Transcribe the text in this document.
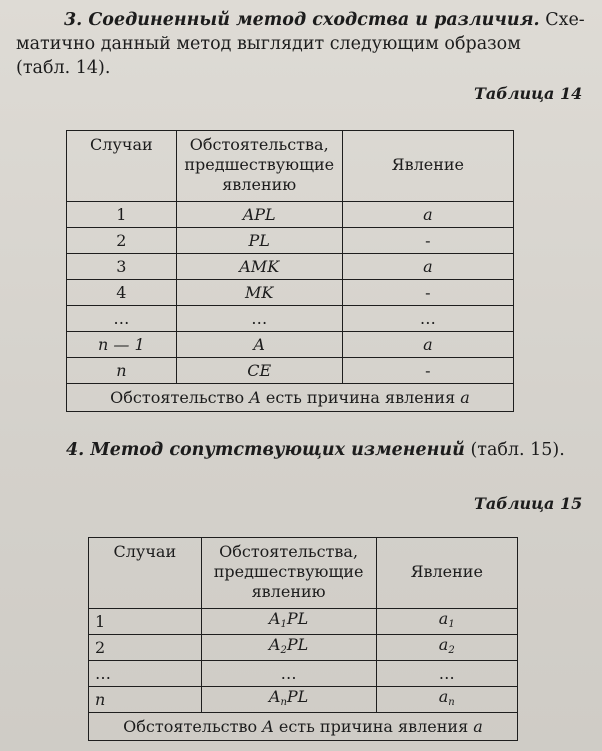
3. Соединенный метод сходства и различия. Схе-
матично данный метод выглядит следующим образом
(табл. 14).
Таблица 14
Случаи	Обстоятельства,
предшествующие
явлению	Явление
1	APL	a
2	PL	-
3	AMK	a
4	MK	-
…	…	…
n — 1	A	a
n	CE	-
Обстоятельство A есть причина явления a		
4. Метод сопутствующих изменений (табл. 15).
Таблица 15
Случаи	Обстоятельства,
предшествующие
явлению	Явление
1	$A_1PL$	$a_1$
2	$A_2PL$	$a_2$
…	…	…
n	$A_nPL$	$a_n$
Обстоятельство A есть причина явления a		
